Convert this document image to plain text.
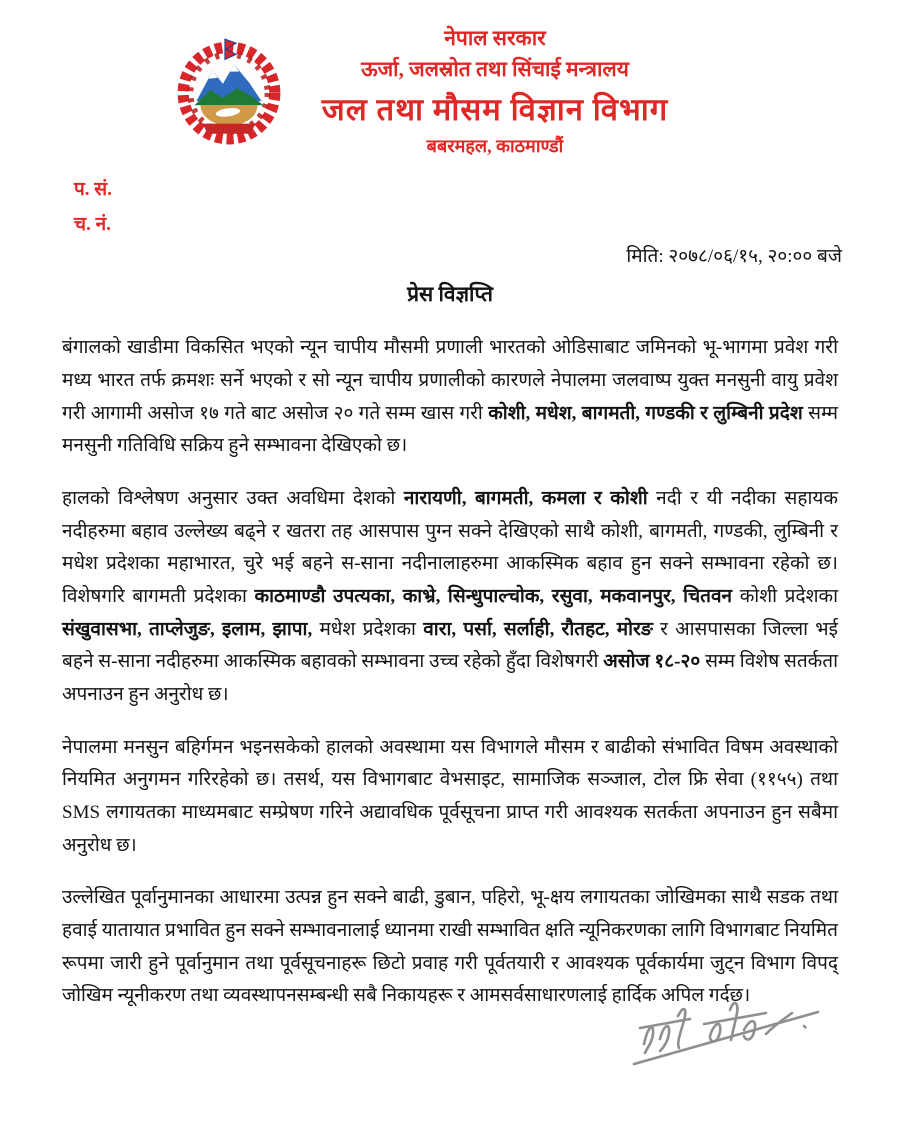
नेपाल सरकार
ऊर्जा, जलस्रोत तथा सिंचाई मन्त्रालय
जल तथा मौसम विज्ञान विभाग
बबरमहल, काठमाण्डौं
प. सं.
च. नं.
मिति: २०७८/०६/१५, २०:०० बजे
प्रेस विज्ञप्ति

बंगालको खाडीमा विकसित भएको न्यून चापीय मौसमी प्रणाली भारतको ओडिसाबाट जमिनको भू-भागमा प्रवेश गरी मध्य भारत तर्फ क्रमशः सर्ने भएको र सो न्यून चापीय प्रणालीको कारणले नेपालमा जलवाष्प युक्त मनसुनी वायु प्रवेश गरी आगामी असोज १७ गते बाट असोज २० गते सम्म खास गरी कोशी, मधेश, बागमती, गण्डकी र लुम्बिनी प्रदेश सम्म मनसुनी गतिविधि सक्रिय हुने सम्भावना देखिएको छ।

हालको विश्लेषण अनुसार उक्त अवधिमा देशको नारायणी, बागमती, कमला र कोशी नदी र यी नदीका सहायक नदीहरुमा बहाव उल्लेख्य बढ्ने र खतरा तह आसपास पुग्न सक्ने देखिएको साथै कोशी, बागमती, गण्डकी, लुम्बिनी र मधेश प्रदेशका महाभारत, चुरे भई बहने स-साना नदीनालाहरुमा आकस्मिक बहाव हुन सक्ने सम्भावना रहेको छ। विशेषगरि बागमती प्रदेशका काठमाण्डौ उपत्यका, काभ्रे, सिन्धुपाल्चोक, रसुवा, मकवानपुर, चितवन कोशी प्रदेशका संखुवासभा, ताप्लेजुङ, इलाम, झापा, मधेश प्रदेशका वारा, पर्सा, सर्लाही, रौतहट, मोरङ र आसपासका जिल्ला भई बहने स-साना नदीहरुमा आकस्मिक बहावको सम्भावना उच्च रहेको हुँदा विशेषगरी असोज १८-२० सम्म विशेष सतर्कता अपनाउन हुन अनुरोध छ।

नेपालमा मनसुन बहिर्गमन भइनसकेको हालको अवस्थामा यस विभागले मौसम र बाढीको संभावित विषम अवस्थाको नियमित अनुगमन गरिरहेको छ। तसर्थ, यस विभागबाट वेभसाइट, सामाजिक सञ्जाल, टोल फ्रि सेवा (११५५) तथा SMS लगायतका माध्यमबाट सम्प्रेषण गरिने अद्यावधिक पूर्वसूचना प्राप्त गरी आवश्यक सतर्कता अपनाउन हुन सबैमा अनुरोध छ।

उल्लेखित पूर्वानुमानका आधारमा उत्पन्न हुन सक्ने बाढी, डुबान, पहिरो, भू-क्षय लगायतका जोखिमका साथै सडक तथा हवाई यातायात प्रभावित हुन सक्ने सम्भावनालाई ध्यानमा राखी सम्भावित क्षति न्यूनिकरणका लागि विभागबाट नियमित रूपमा जारी हुने पूर्वानुमान तथा पूर्वसूचनाहरू छिटो प्रवाह गरी पूर्वतयारी र आवश्यक पूर्वकार्यमा जुट्न विभाग विपद् जोखिम न्यूनीकरण तथा व्यवस्थापनसम्बन्धी सबै निकायहरू र आमसर्वसाधारणलाई हार्दिक अपिल गर्दछ।
